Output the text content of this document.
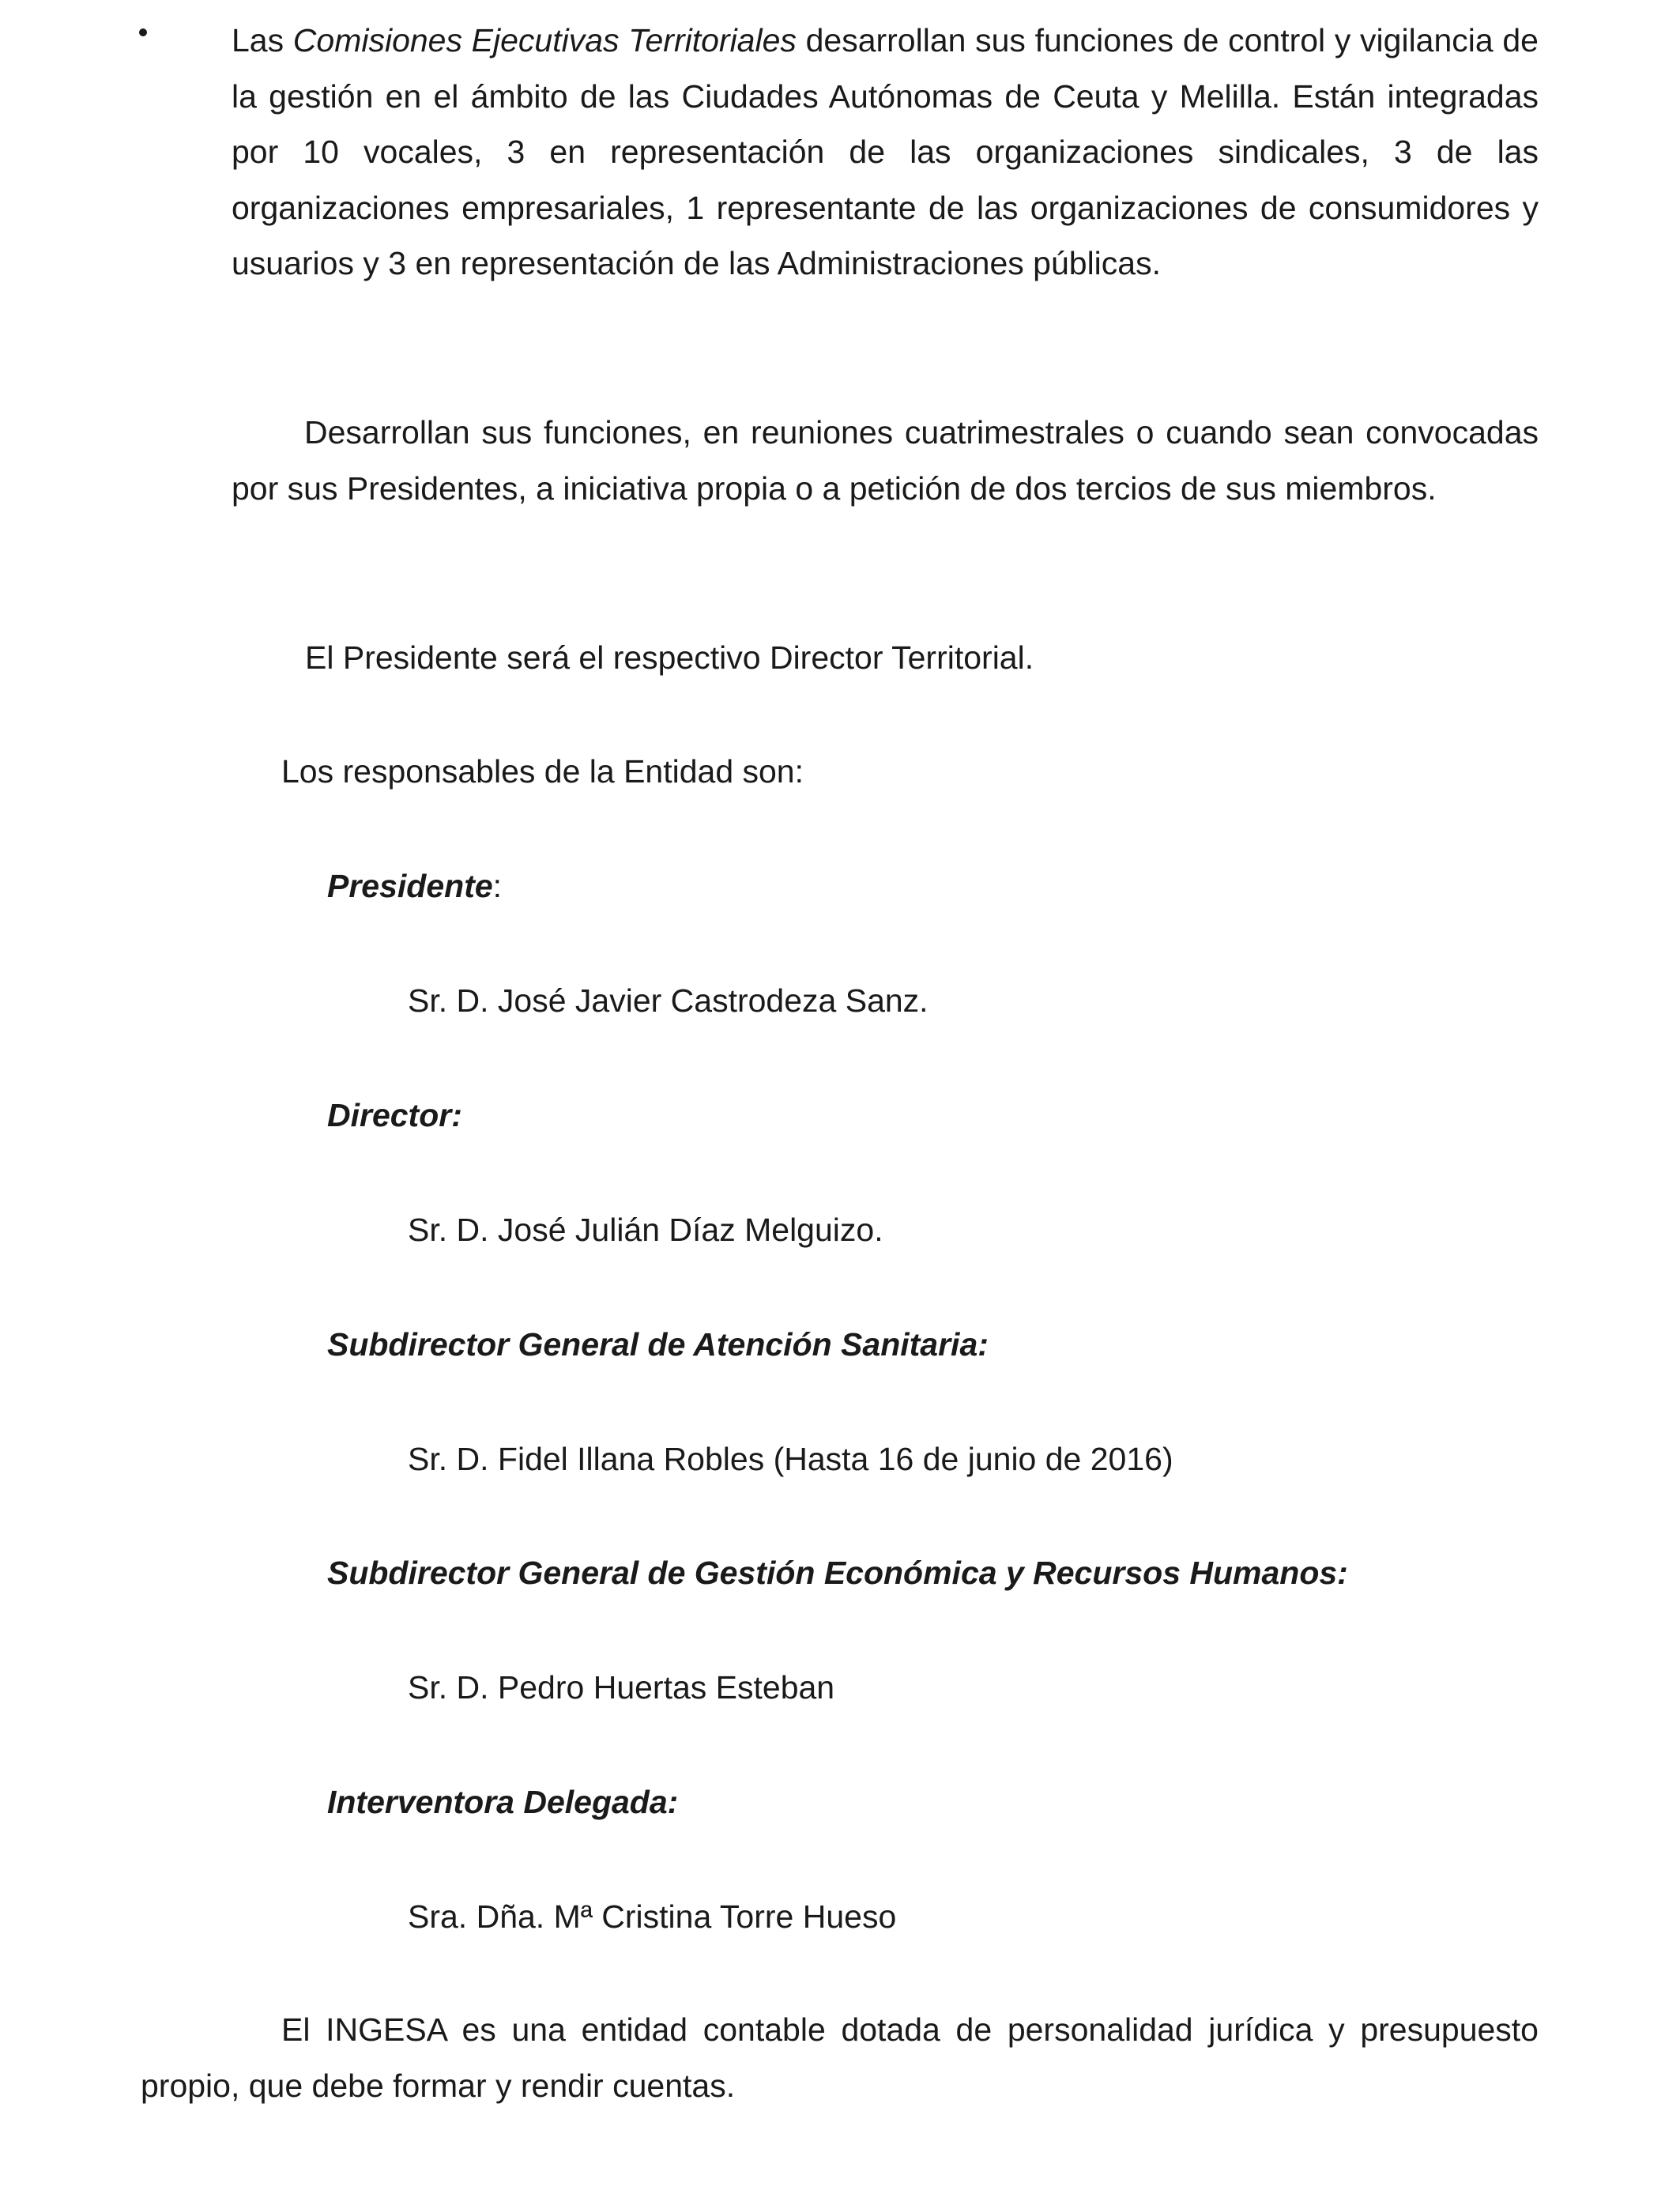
Las Comisiones Ejecutivas Territoriales desarrollan sus funciones de control y vigilancia de la gestión en el ámbito de las Ciudades Autónomas de Ceuta y Melilla. Están integradas por 10 vocales, 3 en representación de las organizaciones sindicales, 3 de las organizaciones empresariales, 1 representante de las organizaciones de consumidores y usuarios y 3 en representación de las Administraciones públicas.

Desarrollan sus funciones, en reuniones cuatrimestrales o cuando sean convocadas por sus Presidentes, a iniciativa propia o a petición de dos tercios de sus miembros.

El Presidente será el respectivo Director Territorial.

Los responsables de la Entidad son:

Presidente:

Sr. D. José Javier Castrodeza Sanz.

Director:

Sr. D. José Julián Díaz Melguizo.

Subdirector General de Atención Sanitaria:

Sr. D. Fidel Illana Robles (Hasta 16 de junio de 2016)

Subdirector General de Gestión Económica y Recursos Humanos:

Sr. D. Pedro Huertas Esteban

Interventora Delegada:

Sra. Dña. Mª Cristina Torre Hueso

El INGESA es una entidad contable dotada de personalidad jurídica y presupuesto propio, que debe formar y rendir cuentas.
